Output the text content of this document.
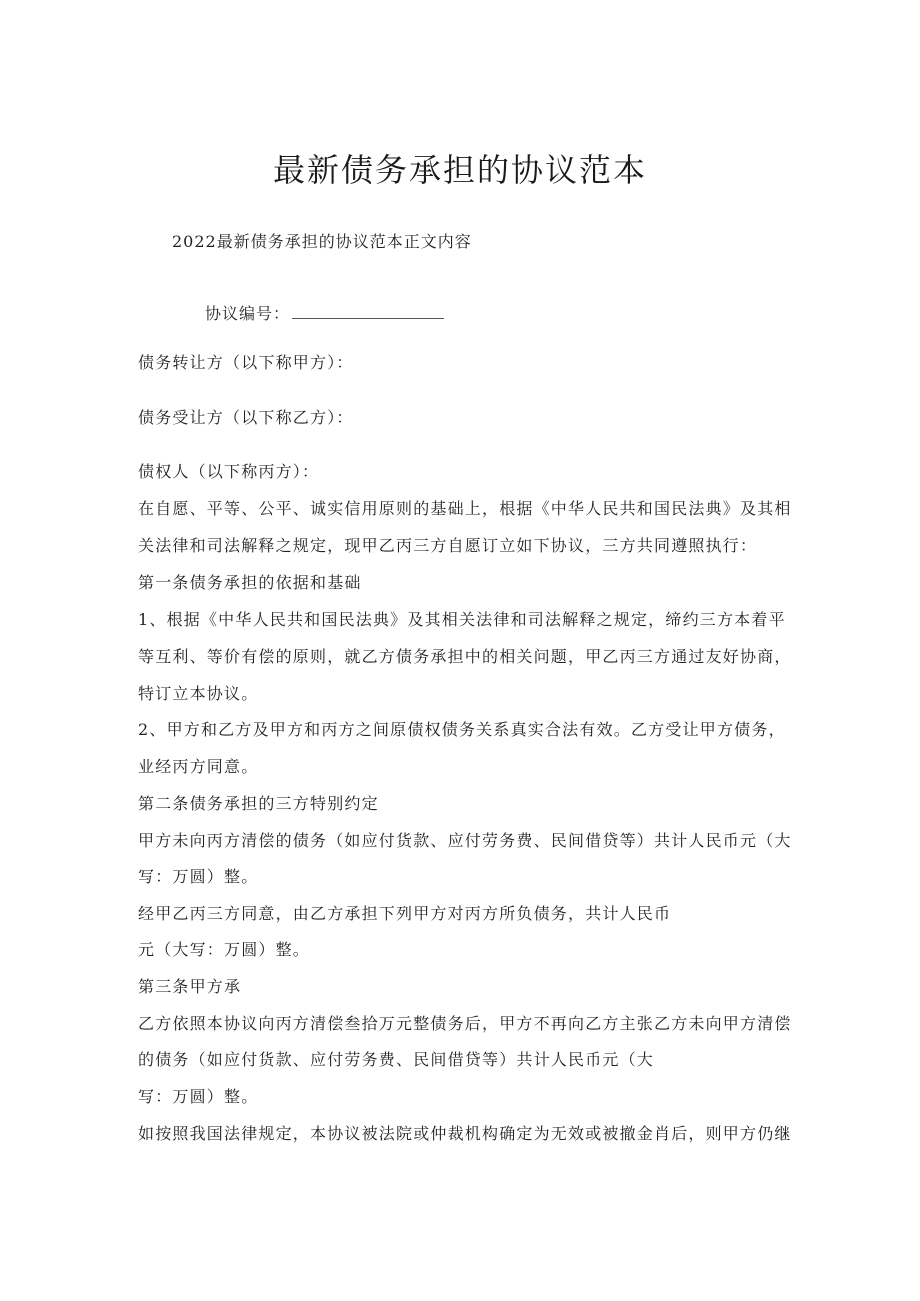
最新债务承担的协议范本
2022最新债务承担的协议范本正文内容
协议编号：
债务转让方（以下称甲方）：
债务受让方（以下称乙方）：
债权人（以下称丙方）：
在自愿、平等、公平、诚实信用原则的基础上，根据《中华人民共和国民法典》及其相
关法律和司法解释之规定，现甲乙丙三方自愿订立如下协议，三方共同遵照执行：
第一条债务承担的依据和基础
1、根据《中华人民共和国民法典》及其相关法律和司法解释之规定，缔约三方本着平
等互利、等价有偿的原则，就乙方债务承担中的相关问题，甲乙丙三方通过友好协商，
特订立本协议。
2、甲方和乙方及甲方和丙方之间原债权债务关系真实合法有效。乙方受让甲方债务，
业经丙方同意。
第二条债务承担的三方特别约定
甲方未向丙方清偿的债务（如应付货款、应付劳务费、民间借贷等）共计人民币元（大
写：万圆）整。
经甲乙丙三方同意，由乙方承担下列甲方对丙方所负债务，共计人民币
元（大写：万圆）整。
第三条甲方承
乙方依照本协议向丙方清偿叁拾万元整债务后，甲方不再向乙方主张乙方未向甲方清偿
的债务（如应付货款、应付劳务费、民间借贷等）共计人民币元（大
写：万圆）整。
如按照我国法律规定，本协议被法院或仲裁机构确定为无效或被撤金肖后，则甲方仍继
